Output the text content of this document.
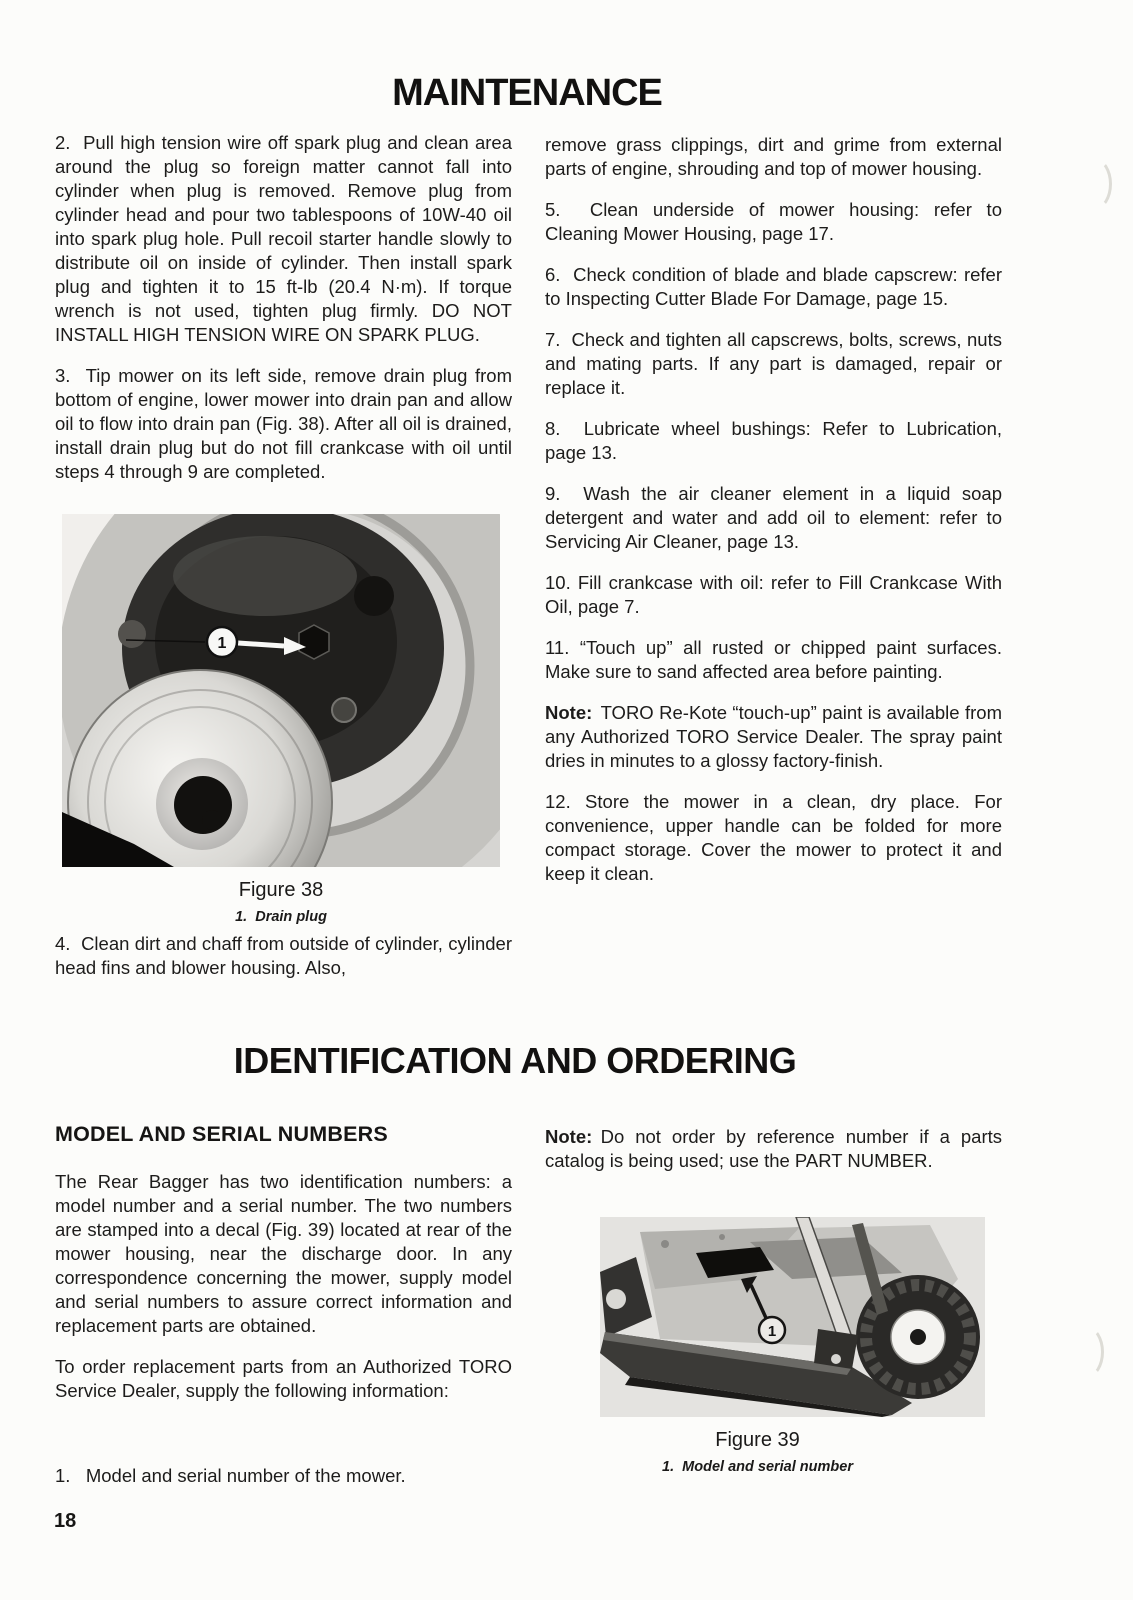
MAINTENANCE

2.  Pull high tension wire off spark plug and clean area around the plug so foreign matter cannot fall into cylinder when plug is removed. Remove plug from cylinder head and pour two tablespoons of 10W-40 oil into spark plug hole. Pull recoil starter handle slowly to distribute oil on inside of cylinder. Then install spark plug and tighten it to 15 ft-lb (20.4 N·m). If torque wrench is not used, tighten plug firmly. DO NOT INSTALL HIGH TENSION WIRE ON SPARK PLUG.

3.  Tip mower on its left side, remove drain plug from bottom of engine, lower mower into drain pan and allow oil to flow into drain pan (Fig. 38). After all oil is drained, install drain plug but do not fill crankcase with oil until steps 4 through 9 are completed.

1
Figure 38
1.  Drain plug

4.  Clean dirt and chaff from outside of cylinder, cylinder head fins and blower housing. Also,

remove grass clippings, dirt and grime from external parts of engine, shrouding and top of mower housing.

5.  Clean underside of mower housing: refer to Cleaning Mower Housing, page 17.

6.  Check condition of blade and blade capscrew: refer to Inspecting Cutter Blade For Damage, page 15.

7.  Check and tighten all capscrews, bolts, screws, nuts and mating parts. If any part is damaged, repair or replace it.

8.  Lubricate wheel bushings: Refer to Lubrication, page 13.

9.  Wash the air cleaner element in a liquid soap detergent and water and add oil to element: refer to Servicing Air Cleaner, page 13.

10. Fill crankcase with oil: refer to Fill Crankcase With Oil, page 7.

11. “Touch up” all rusted or chipped paint surfaces. Make sure to sand affected area before painting.

Note: TORO Re-Kote “touch-up” paint is available from any Authorized TORO Service Dealer. The spray paint dries in minutes to a glossy factory-finish.

12. Store the mower in a clean, dry place. For convenience, upper handle can be folded for more compact storage. Cover the mower to protect it and keep it clean.

IDENTIFICATION AND ORDERING
MODEL AND SERIAL NUMBERS

The Rear Bagger has two identification numbers: a model number and a serial number. The two numbers are stamped into a decal (Fig. 39) located at rear of the mower housing, near the discharge door. In any correspondence concerning the mower, supply model and serial numbers to assure correct information and replacement parts are obtained.

To order replacement parts from an Authorized TORO Service Dealer, supply the following information:

1.   Model and serial number of the mower.

Note: Do not order by reference number if a parts catalog is being used; use the PART NUMBER.

1
Figure 39
1.  Model and serial number
18
